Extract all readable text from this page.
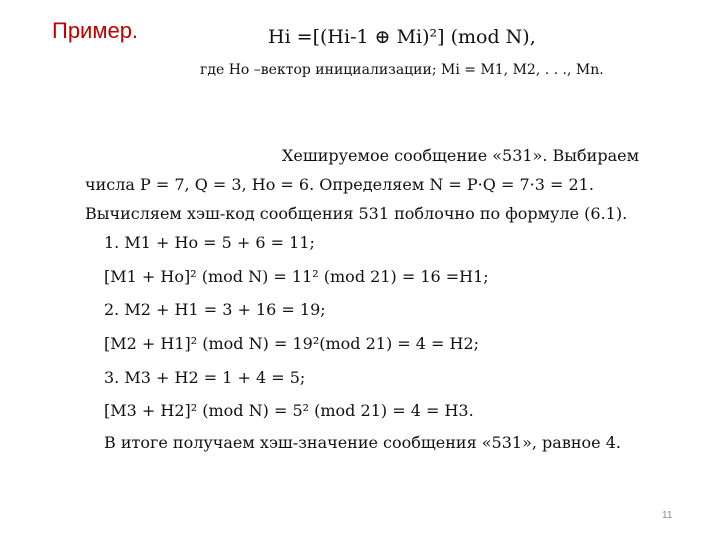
Пример.	Hi =[(Hi-1 ⊕ Mi)²] (mod N),
где Ho –вектор инициализации; Mi = M1, M2, . . ., Mn.
Хешируемое сообщение «531». Выбираем
числа P = 7, Q = 3, Ho = 6. Определяем N = P·Q = 7·3 = 21.
Вычисляем хэш-код сообщения 531 поблочно по формуле (6.1).
1. M1 + Ho = 5 + 6 = 11;
[M1 + Ho]² (mod N) = 11² (mod 21) = 16 =H1;
2. M2 + H1 = 3 + 16 = 19;
[M2 + H1]² (mod N) = 19²(mod 21) = 4 = H2;
3. M3 + H2 = 1 + 4 = 5;
[M3 + H2]² (mod N) = 5² (mod 21) = 4 = H3.
В итоге получаем хэш-значение сообщения «531», равное 4.
11
